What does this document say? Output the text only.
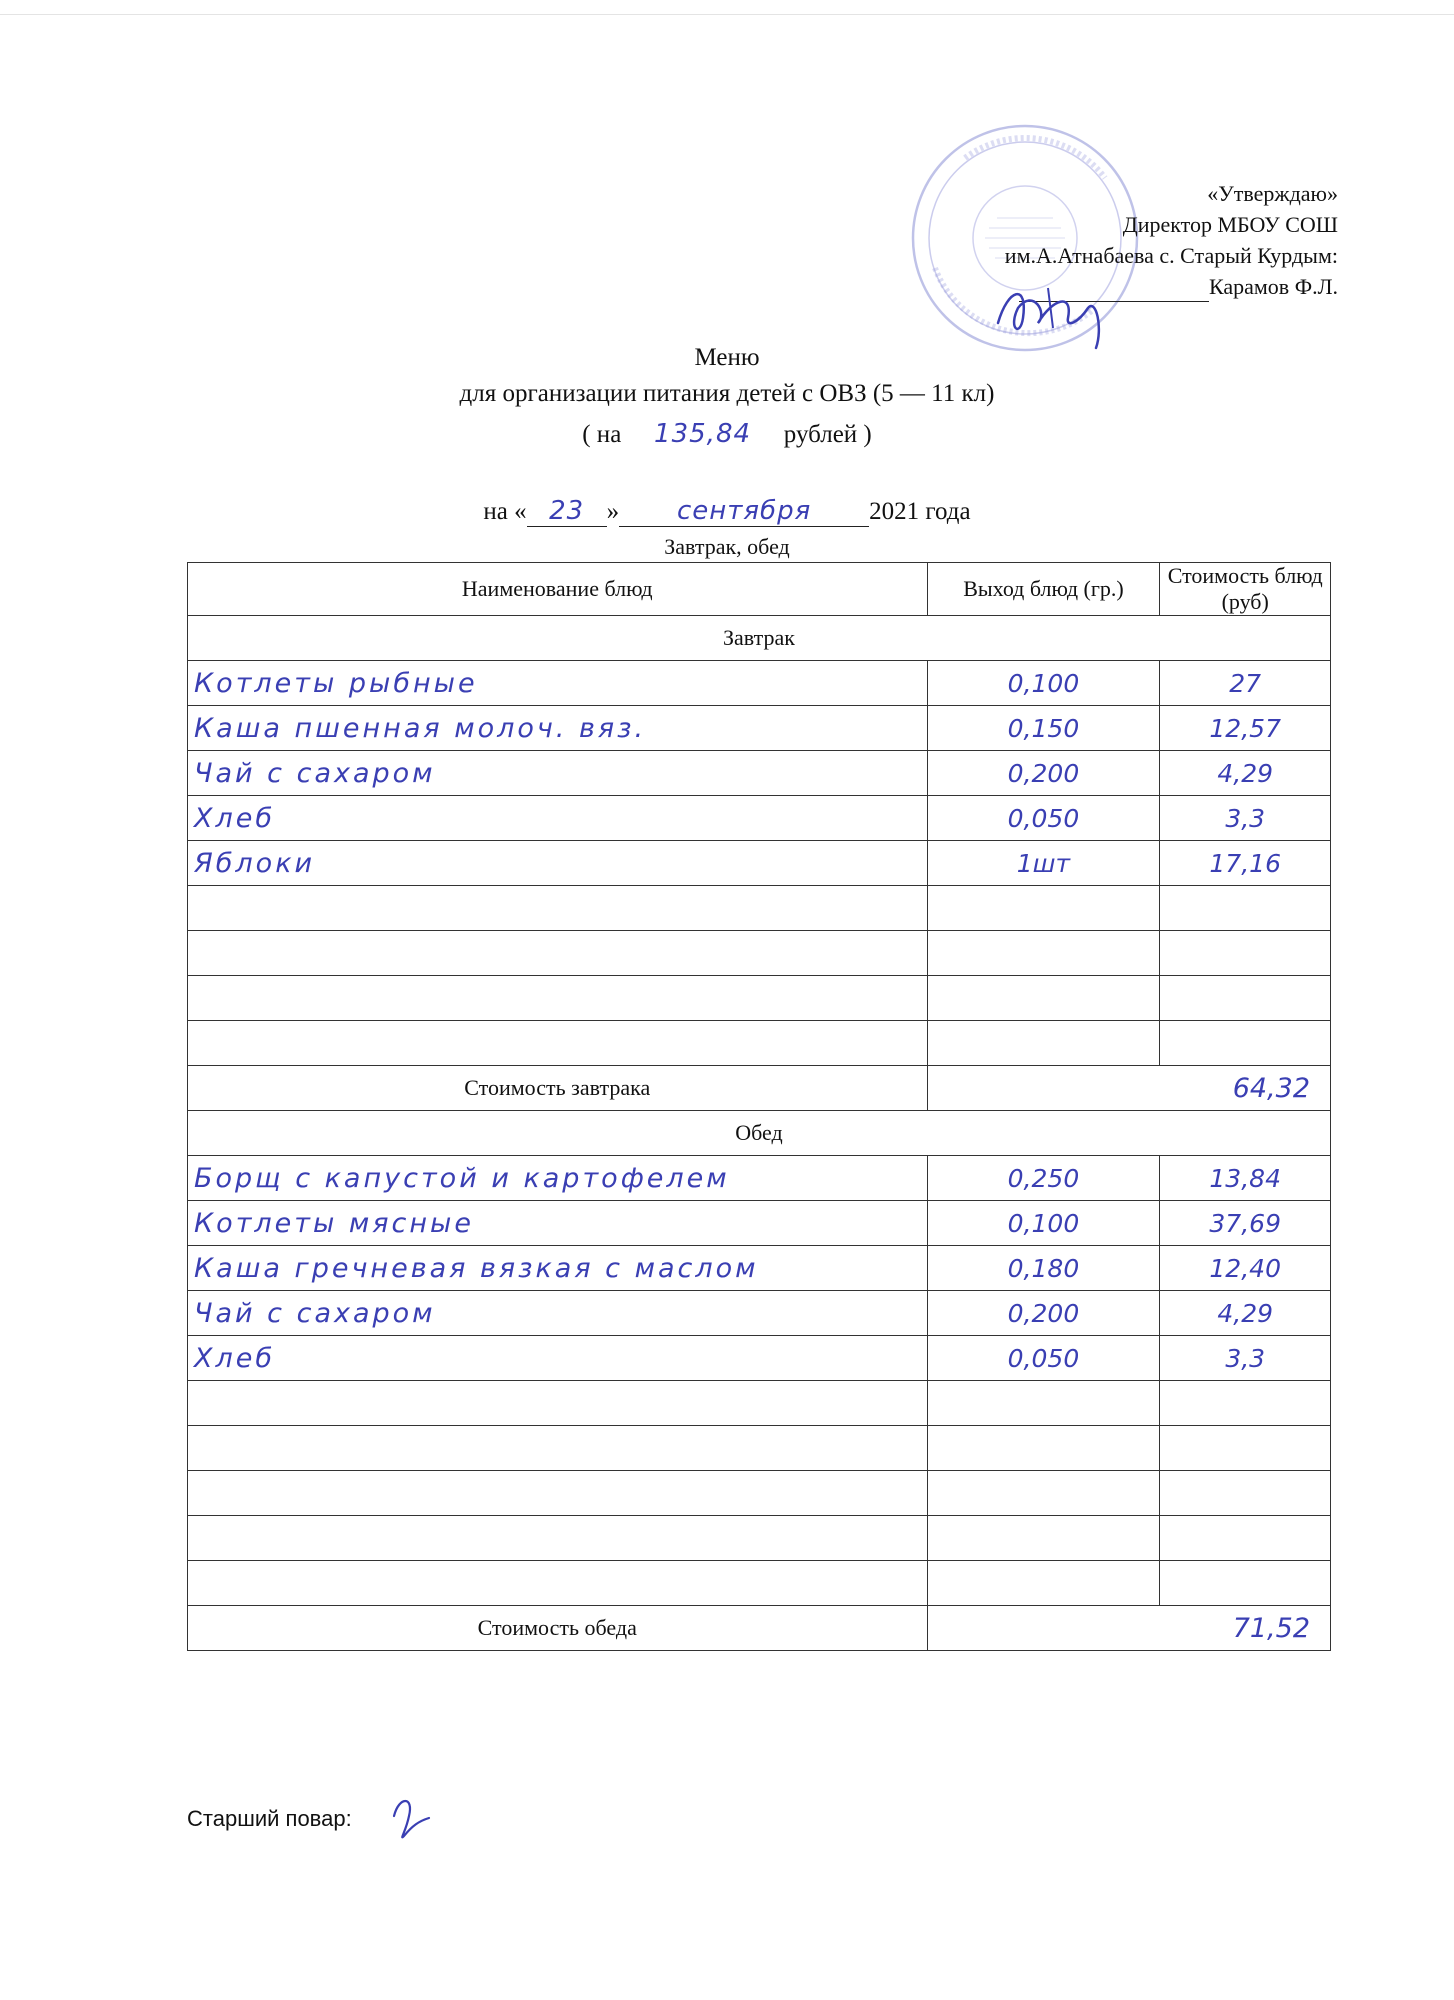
«Утверждаю»
Директор МБОУ СОШ
им.А.Атнабаева с. Старый Курдым:
Карамов Ф.Л.
Меню
для организации питания детей с ОВЗ (5 — 11 кл)
( на 135,84 рублей )
на « 23 » сентября 2021 года
Завтрак, обед
Наименование блюд	Выход блюд (гр.)	Стоимость блюд (руб)
Завтрак		
Котлеты рыбные	0,100	27
Каша пшенная молоч. вяз.	0,150	12,57
Чай с сахаром	0,200	4,29
Хлеб	0,050	3,3
Яблоки	1шт	17,16

Стоимость завтрака	64,32	
Обед		
Борщ с капустой и картофелем	0,250	13,84
Котлеты мясные	0,100	37,69
Каша гречневая вязкая с маслом	0,180	12,40
Чай с сахаром	0,200	4,29
Хлеб	0,050	3,3

Стоимость обеда	71,52	
Старший повар:
